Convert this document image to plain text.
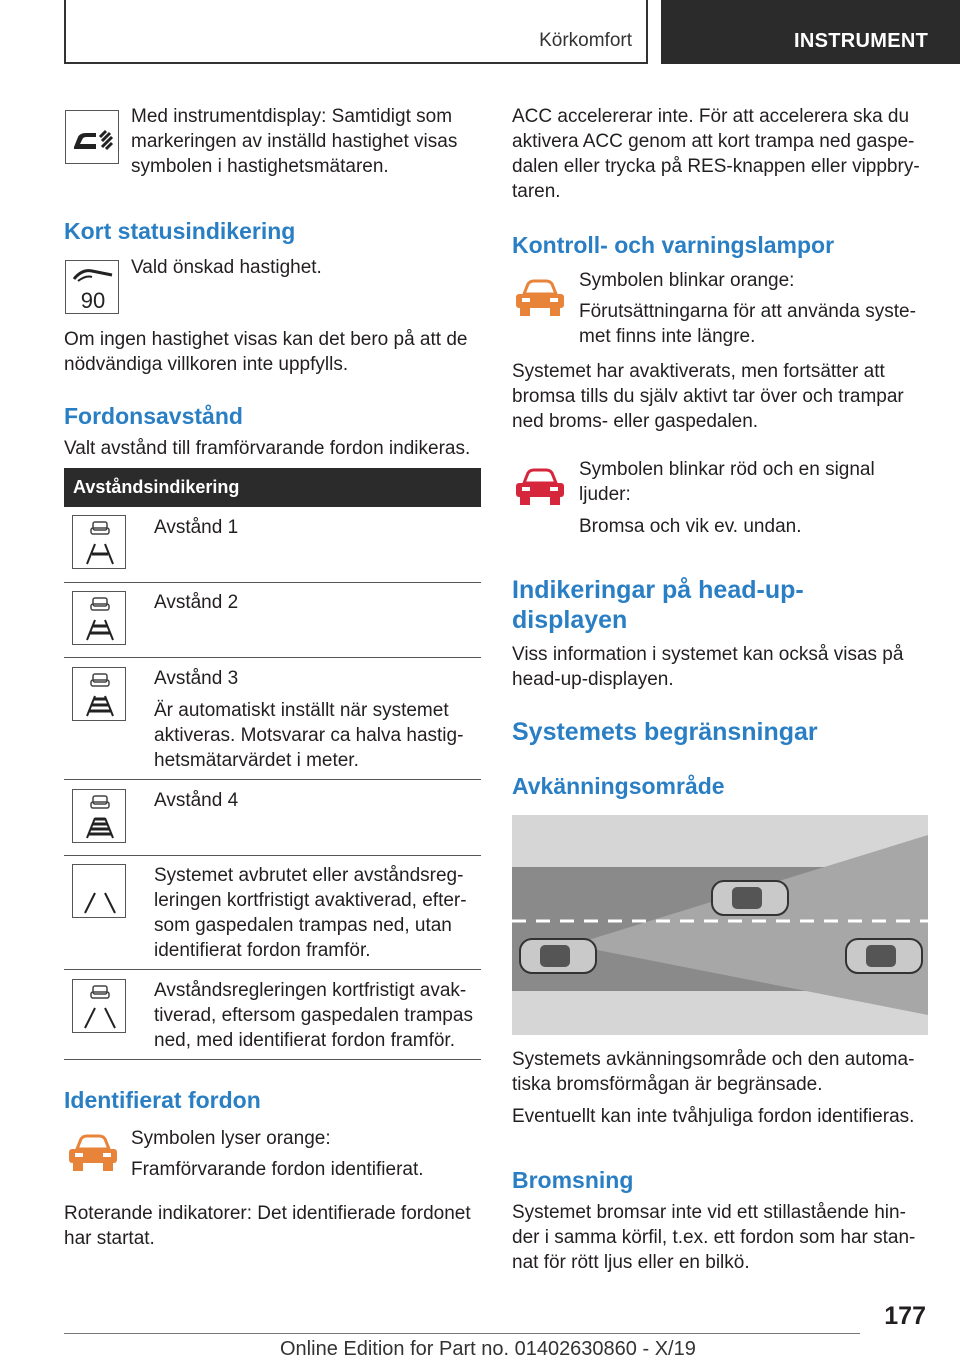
Körkomfort	INSTRUMENT

Med instrumentdisplay: Samtidigt som markeringen av inställd hastighet visas symbolen i hastighetsmätaren.

Kort statusindikering
90

Vald önskad hastighet.

Om ingen hastighet visas kan det bero på att de nödvändiga villkoren inte uppfylls.

Fordonsavstånd

Valt avstånd till framförvarande fordon indikeras.

Avståndsindikering

Avstånd 1

Avstånd 2

Avstånd 3

Är automatiskt inställt när systemet aktiveras. Motsvarar ca halva hastighetsmätarvärdet i meter.

Avstånd 4

Systemet avbrutet eller avståndsregleringen kortfristigt avaktiverad, eftersom gaspedalen trampas ned, utan identifierat fordon framför.

Avståndsregleringen kortfristigt avaktiverad, eftersom gaspedalen trampas ned, med identifierat fordon framför.

Identifierat fordon

Symbolen lyser orange:

Framförvarande fordon identifierat.

Roterande indikatorer: Det identifierade fordonet har startat.

ACC accelererar inte. För att accelerera ska du aktivera ACC genom att kort trampa ned gaspedalen eller trycka på RES-knappen eller vippbrytaren.

Kontroll- och varningslampor

Symbolen blinkar orange:

Förutsättningarna för att använda systemet finns inte längre.

Systemet har avaktiverats, men fortsätter att bromsa tills du själv aktivt tar över och trampar ned broms- eller gaspedalen.

Symbolen blinkar röd och en signal ljuder:

Bromsa och vik ev. undan.

Indikeringar på head-up-displayen

Viss information i systemet kan också visas på head-up-displayen.

Systemets begränsningar
Avkänningsområde

Systemets avkänningsområde och den automatiska bromsförmågan är begränsade.

Eventuellt kan inte tvåhjuliga fordon identifieras.

Bromsning

Systemet bromsar inte vid ett stillastående hinder i samma körfil, t.ex. ett fordon som har stannat för rött ljus eller en bilkö.

177
Online Edition for Part no. 01402630860 - X/19
